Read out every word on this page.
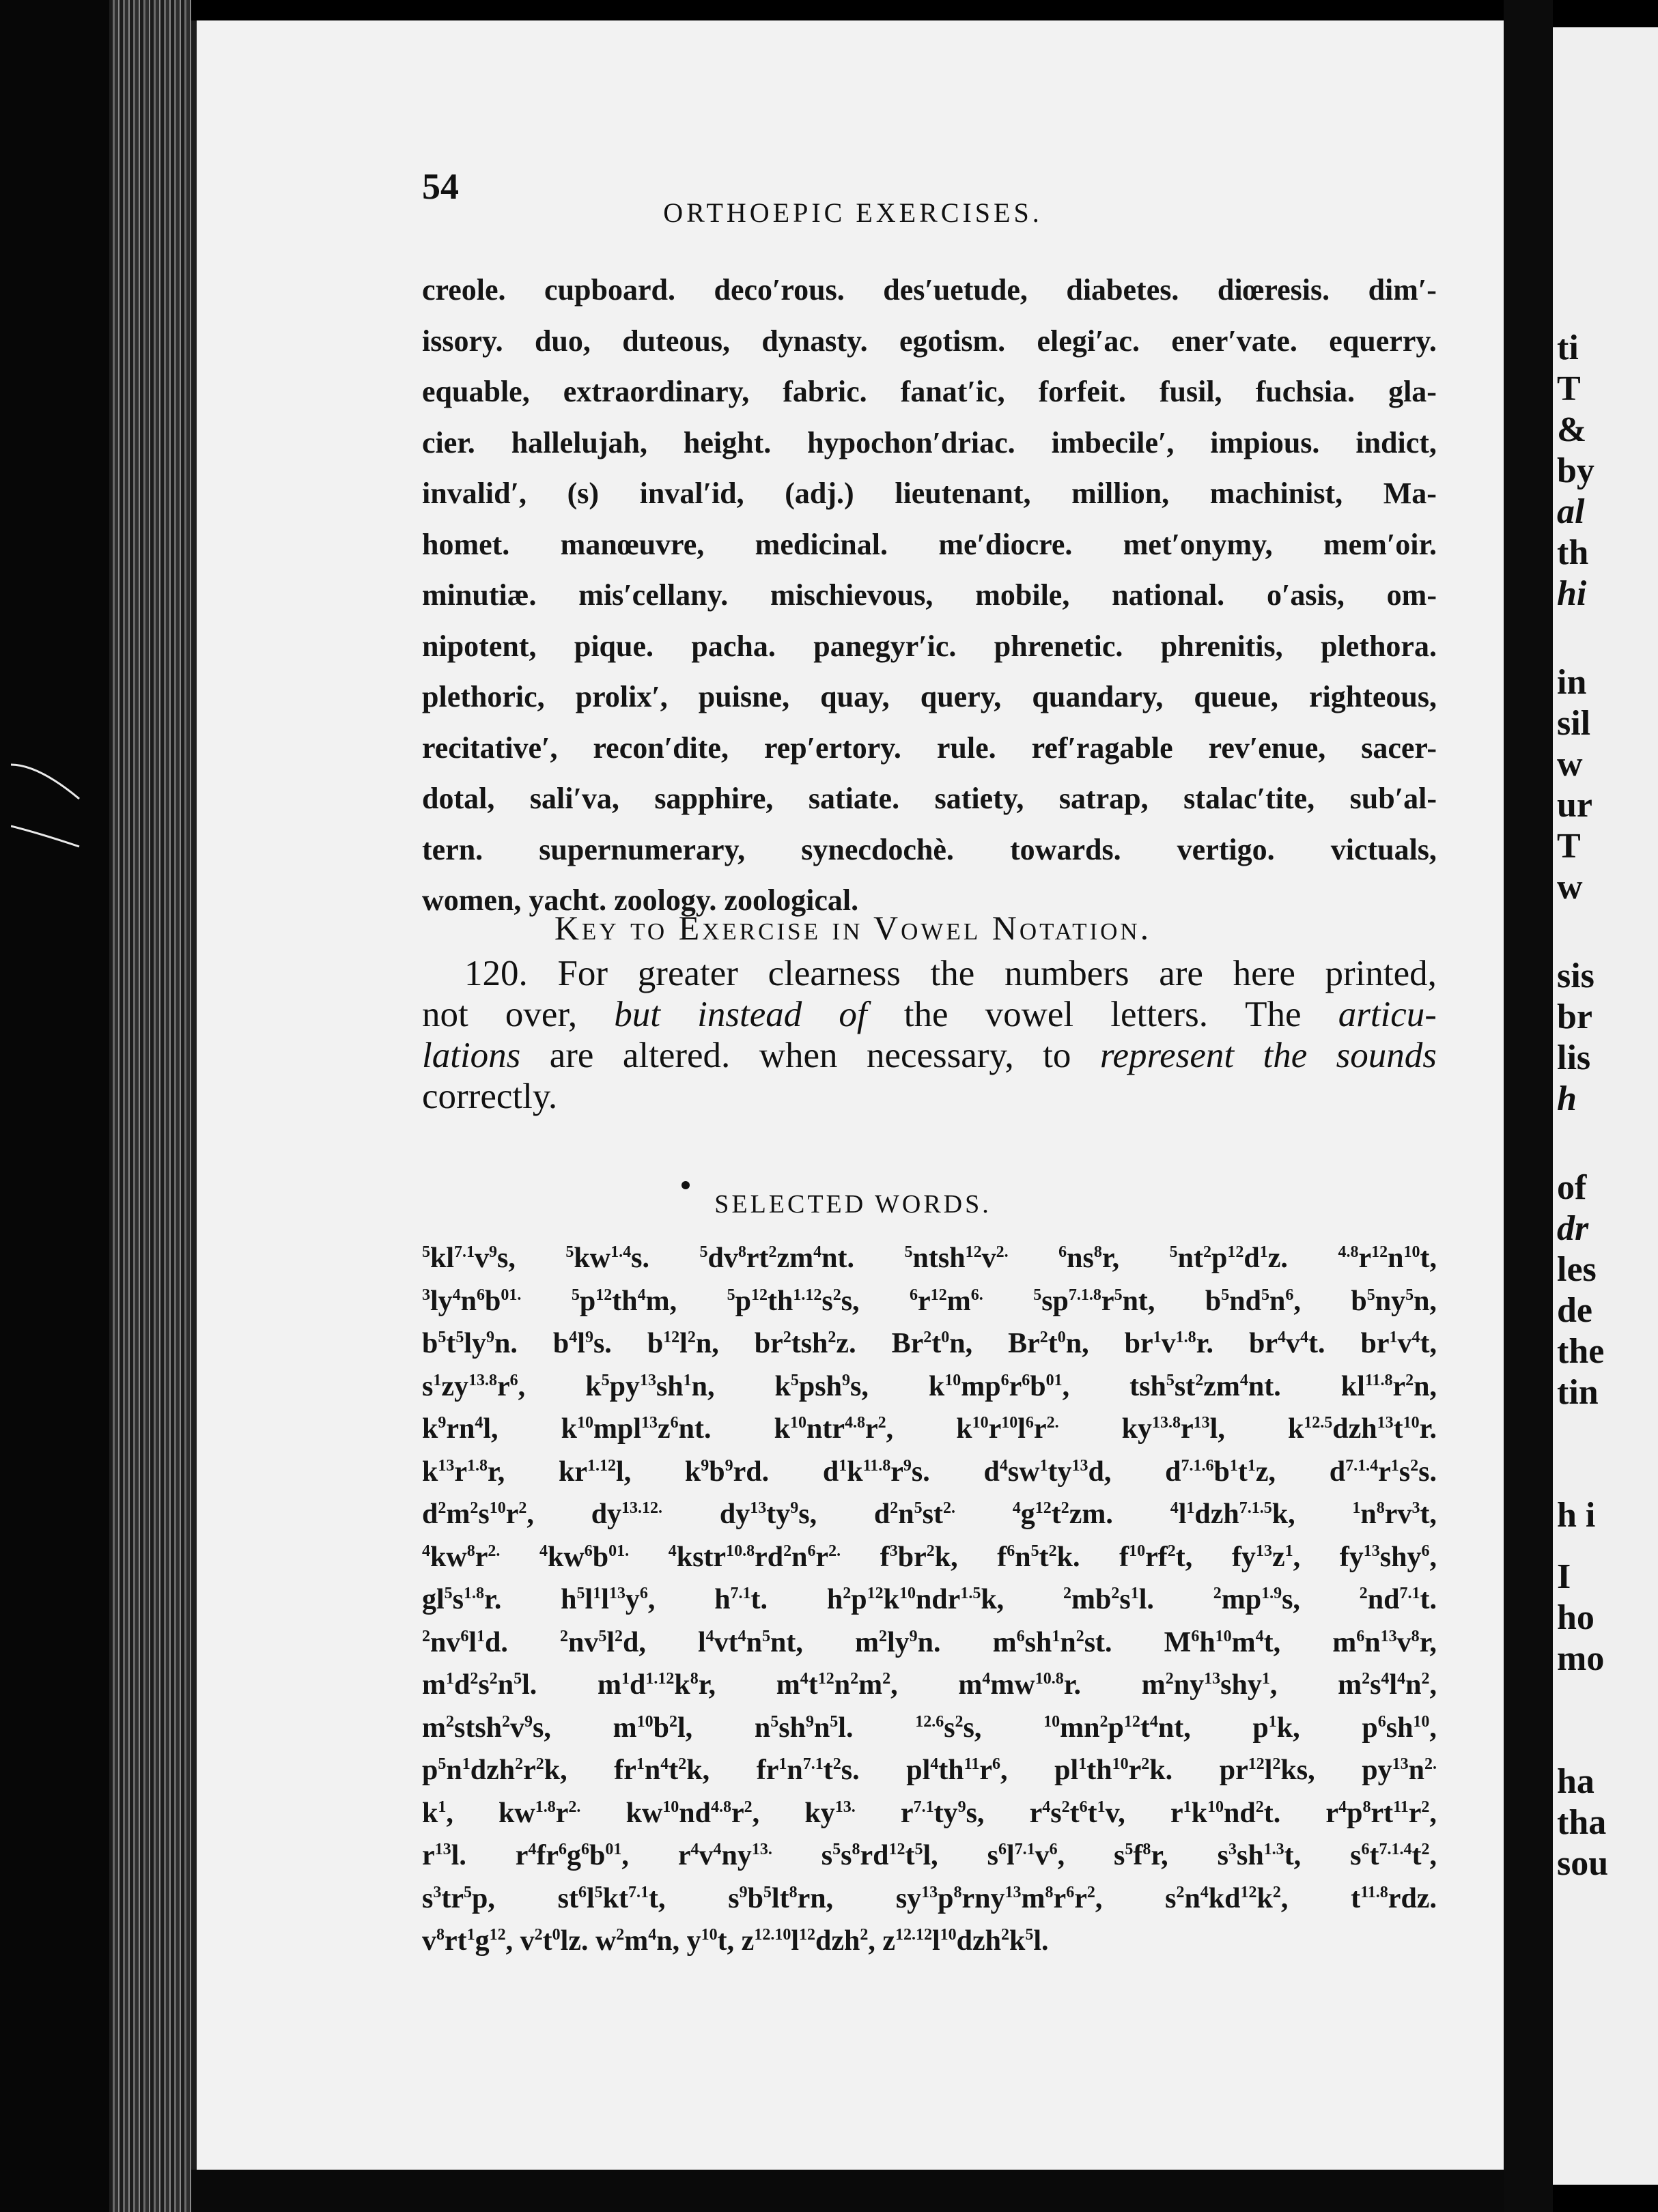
54
ORTHOEPIC EXERCISES.
creole. cupboard. deco′rous. des′uetude, diabetes. diœresis. dim′-
issory. duo, duteous, dynasty. egotism. elegi′ac. ener′vate. equerry.
equable, extraordinary, fabric. fanat′ic, forfeit. fusil, fuchsia. gla-
cier. hallelujah, height. hypochon′driac. imbecile′, impious. indict,
invalid′, (s) inval′id, (adj.) lieutenant, million, machinist, Ma-
homet. manœuvre, medicinal. me′diocre. met′onymy, mem′oir.
minutiæ. mis′cellany. mischievous, mobile, national. o′asis, om-
nipotent, pique. pacha. panegyr′ic. phrenetic. phrenitis, plethora.
plethoric, prolix′, puisne, quay, query, quandary, queue, righteous,
recitative′, recon′dite, rep′ertory. rule. ref′ragable rev′enue, sacer-
dotal, sali′va, sapphire, satiate. satiety, satrap, stalac′tite, sub′al-
tern. supernumerary, synecdochè. towards. vertigo. victuals,
women,
yacht.
zoology.
zoological.

Key to Exercise in Vowel Notation.
120. For greater clearness the numbers are here printed,
not over, but instead of the vowel letters. The articu-
lations are altered. when necessary, to represent the sounds
correctly.
SELECTED WORDS.
$^5kl^{7.1}v^9s$,	$^5kw^{1.4}s$.	$^5dv^8rt^2zm^4nt$.	$^5ntsh^{12}v^{2.}$	$^6ns^8r$,	$^5nt^2p^{12}d^1z$.	$^{4.8}r^{12}n^{10}t$,
$^3ly^4n^6b^{01.}$	$^5p^{12}th^4m$,	$^5p^{12}th^{1.12}s^2s$,	$^6r^{12}m^{6.}$	$^5sp^{7.1.8}r^5nt$, $b^5nd^5n^6$, $b^5ny^5n$,
$b^5t^5ly^9n$. $b^4l^9s$. $b^{12}l^2n$, $br^2tsh^2z$. $Br^2t^0n$, $Br^2t^0n$, $br^1v^{1.8}r$. $br^4v^4t$. $br^1v^4t$,
$s^1zy^{13.8}r^6$, $k^5py^{13}sh^1n$, $k^5psh^9s$, $k^{10}mp^6r^6b^{01}$, $tsh^5st^2zm^4nt$. $kl^{11.8}r^2n$,
$k^9rn^4l$, $k^{10}mpl^{13}z^6nt$. $k^{10}ntr^{4.8}r^2$, $k^{10}r^{10}l^6r^{2.}$ $ky^{13.8}r^{13}l$, $k^{12.5}dzh^{13}t^{10}r$.
$k^{13}r^{1.8}r$, $kr^{1.12}l$, $k^9b^9rd$. $d^1k^{11.8}r^9s$. $d^4sw^1ty^{13}d$, $d^{7.1.6}b^1t^1z$, $d^{7.1.4}r^1s^2s$.
$d^2m^2s^{10}r^2$, $dy^{13.12.}$ $dy^{13}ty^9s$, $d^2n^5st^{2.}$	$^4g^{12}t^2zm$.	$^4l^1dzh^{7.1.5}k$,	$^1n^8rv^3t$,
$^4kw^8r^{2.}$ $^4kw^6b^{01.}$ $^4kstr^{10.8}rd^2n^6r^{2.}$ $f^3br^2k$, $f^6n^5t^2k$. $f^{10}rf^2t$, $fy^{13}z^1$, $fy^{13}shy^6$,
$gl^5s^{1.8}r$. $h^5l^1l^{13}y^6$, $h^{7.1}t$. $h^2p^{12}k^{10}ndr^{1.5}k$,	$^2mb^2s^1l$.	$^2mp^{1.9}s$,	$^2nd^{7.1}t$.
$^2nv^6l^1d$.	$^2nv^5l^2d$, $l^4vt^4n^5nt$, $m^2ly^9n$. $m^6sh^1n^2st$. $M^6h^{10}m^4t$, $m^6n^{13}v^8r$,
$m^1d^2s^2n^5l$. $m^1d^{1.12}k^8r$, $m^4t^{12}n^2m^2$, $m^4mw^{10.8}r$. $m^2ny^{13}shy^1$, $m^2s^4l^4n^2$,
$m^2stsh^2v^9s$, $m^{10}b^2l$, $n^5sh^9n^5l$.	$^{12.6}s^2s$,	$^{10}mn^2p^{12}t^4nt$, $p^1k$, $p^6sh^{10}$,
$p^5n^1dzh^2r^2k$, $fr^1n^4t^2k$, $fr^1n^{7.1}t^2s$. $pl^4th^{11}r^6$, $pl^1th^{10}r^2k$. $pr^{12}l^2ks$, $py^{13}n^{2.}$
$k^1$, $kw^{1.8}r^{2.}$ $kw^{10}nd^{4.8}r^2$, $ky^{13.}$ $r^{7.1}ty^9s$, $r^4s^2t^6t^1v$, $r^1k^{10}nd^2t$. $r^4p^8rt^{11}r^2$,
$r^{13}l$. $r^4fr^6g^6b^{01}$, $r^4v^4ny^{13.}$ $s^5s^8rd^{12}t^5l$, $s^6l^{7.1}v^6$, $s^5f^8r$, $s^3sh^{1.3}t$, $s^6t^{7.1.4}t^2$,
$s^3tr^5p$, $st^6l^5kt^{7.1}t$, $s^9b^5lt^8rn$, $sy^{13}p^8rny^{13}m^8r^6r^2$, $s^2n^4kd^{12}k^2$, $t^{11.8}rdz$.
$v^8rt^1g^{12}$,
$v^2t^0lz$.
$w^2m^4n$,
$y^{10}t$,
$z^{12.10}l^{12}dzh^2$,
$z^{12.12}l^{10}dzh^2k^5l$.

ti
T
&
by
al
th
hi
in
sil
w
ur
T
w
sis
br
lis
h
of
dr
les
de
the
tin
h i
I
ho
mo
ha
tha
sou
